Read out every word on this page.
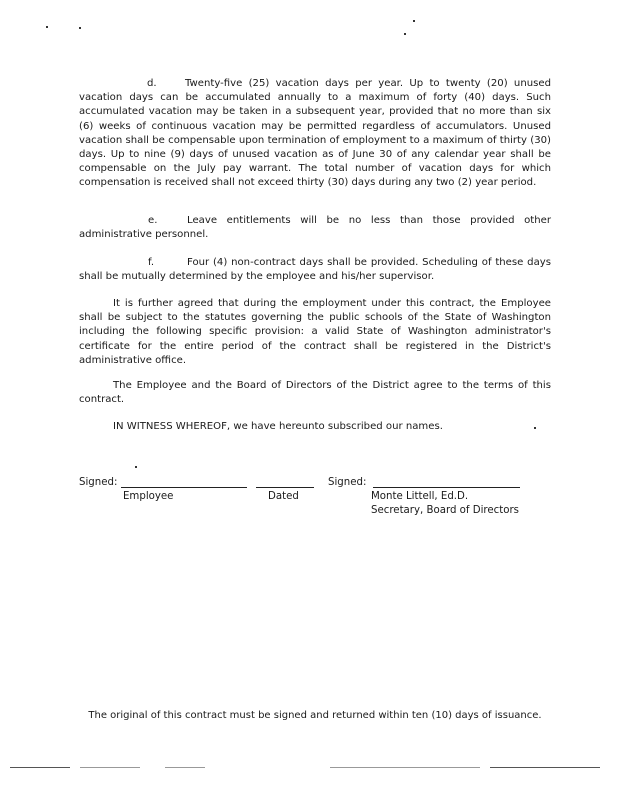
d.	Twenty-five (25) vacation days per year. Up to twenty (20) unused vacation days can be accumulated annually to a maximum of forty (40) days. Such accumulated vacation may be taken in a subsequent year, provided that no more than six (6) weeks of continuous vacation may be permitted regardless of accumulators. Unused vacation shall be compensable upon termination of employment to a maximum of thirty (30) days. Up to nine (9) days of unused vacation as of June 30 of any calendar year shall be compensable on the July pay warrant. The total number of vacation days for which compensation is received shall not exceed thirty (30) days during any two (2) year period.

e.	Leave entitlements will be no less than those provided other administrative personnel.

f.	Four (4) non-contract days shall be provided. Scheduling of these days shall be mutually determined by the employee and his/her supervisor.

It is further agreed that during the employment under this contract, the Employee shall be subject to the statutes governing the public schools of the State of Washington including the following specific provision: a valid State of Washington administrator's certificate for the entire period of the contract shall be registered in the District's administrative office.

The Employee and the Board of Directors of the District agree to the terms of this contract.

IN WITNESS WHEREOF, we have hereunto subscribed our names.

Signed:	Signed:
Employee	Dated	Monte Littell, Ed.D.
Secretary, Board of Directors
The original of this contract must be signed and returned within ten (10) days of issuance.
